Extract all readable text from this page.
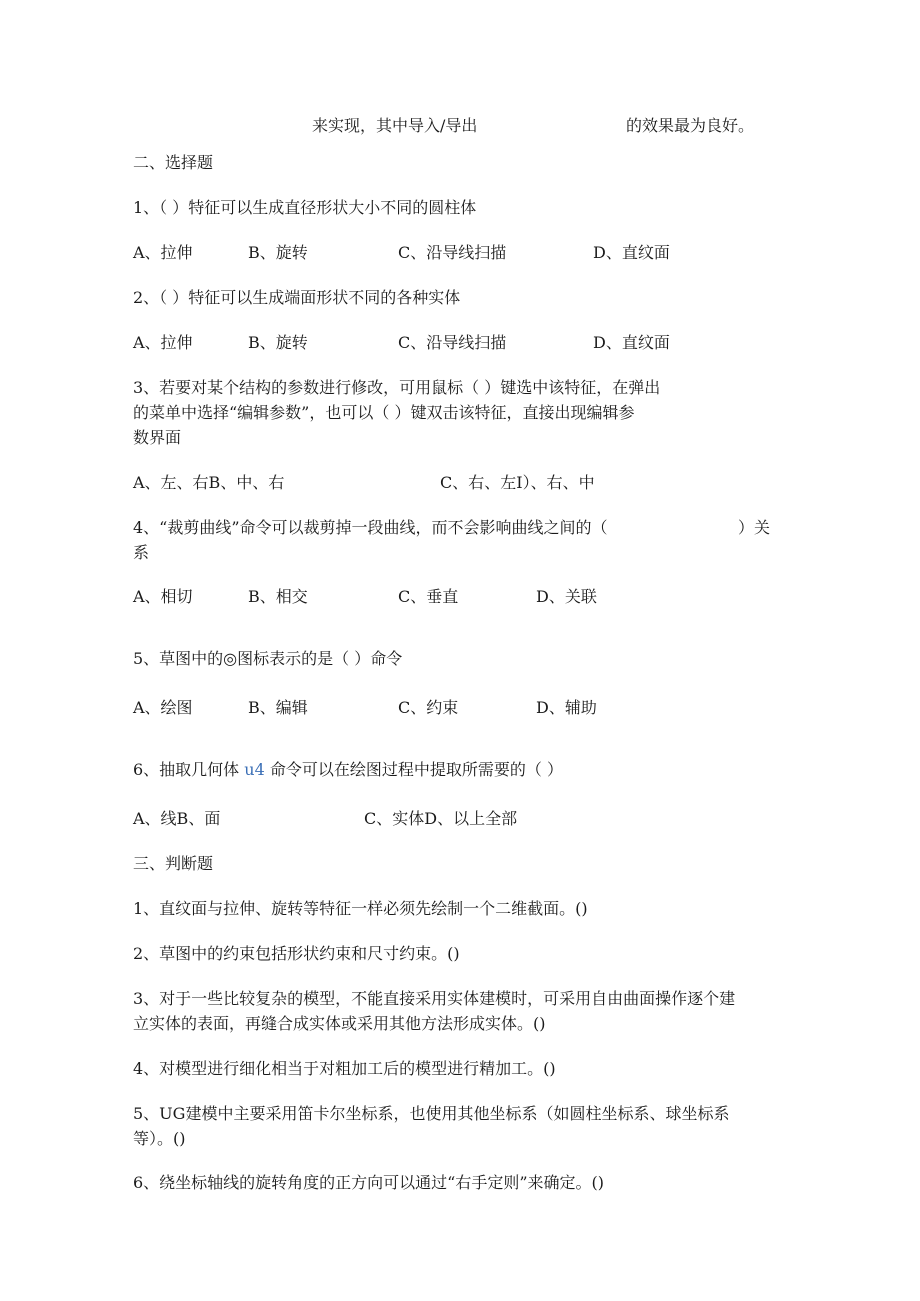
来实现，其中导入/导出	的效果最为良好。
二、选择题
1、（ ）特征可以生成直径形状大小不同的圆柱体
A、拉伸	B、旋转	C、沿导线扫描	D、直纹面
2、（ ）特征可以生成端面形状不同的各种实体
A、拉伸	B、旋转	C、沿导线扫描	D、直纹面
3、若要对某个结构的参数进行修改，可用鼠标（ ）键选中该特征，在弹出
的菜单中选择“编辑参数”，也可以（ ）键双击该特征，直接出现编辑参
数界面
A、左、右B、中、右	C、右、左I）、右、中
4、“裁剪曲线”命令可以裁剪掉一段曲线，而不会影响曲线之间的（	）关
系
A、相切	B、相交	C、垂直	D、关联
5、草图中的◎图标表示的是（ ）命令
A、绘图	B、编辑	C、约束	D、辅助
6、抽取几何体 u4 命令可以在绘图过程中提取所需要的（ ）
A、线B、面	C、实体D、以上全部
三、判断题
1、直纹面与拉伸、旋转等特征一样必须先绘制一个二维截面。()
2、草图中的约束包括形状约束和尺寸约束。()
3、对于一些比较复杂的模型，不能直接采用实体建模时，可采用自由曲面操作逐个建
立实体的表面，再缝合成实体或采用其他方法形成实体。()
4、对模型进行细化相当于对粗加工后的模型进行精加工。()
5、UG建模中主要采用笛卡尔坐标系，也使用其他坐标系（如圆柱坐标系、球坐标系
等）。()
6、绕坐标轴线的旋转角度的正方向可以通过“右手定则”来确定。()
